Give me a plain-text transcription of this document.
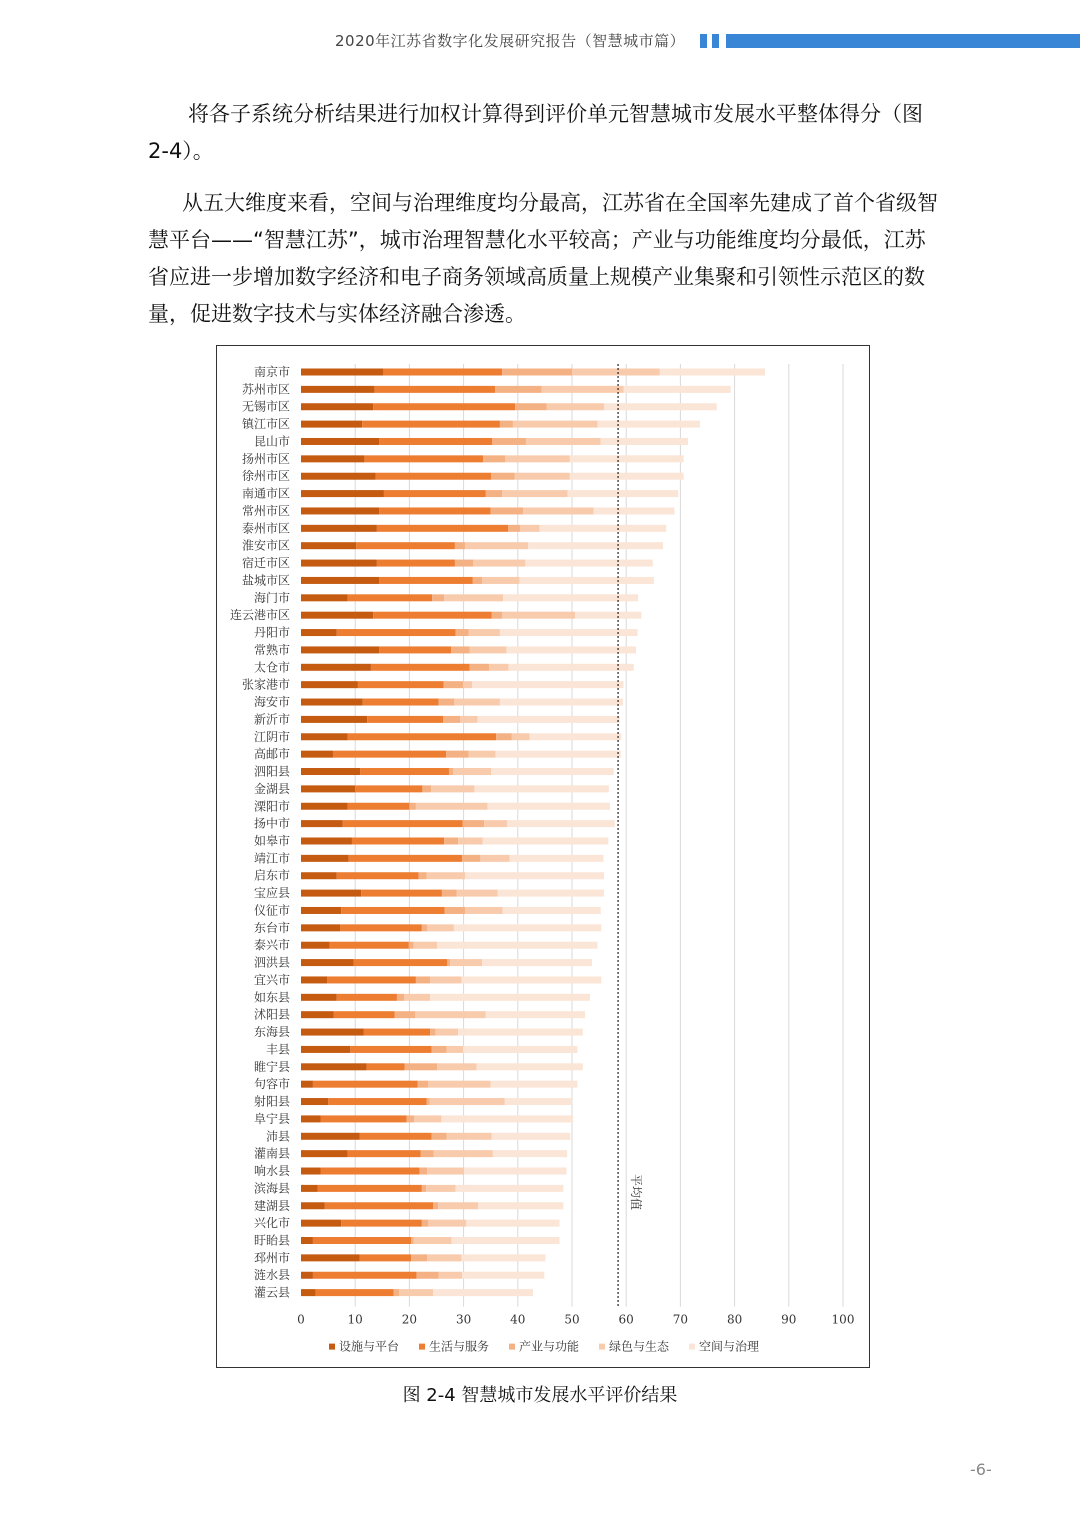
2020年江苏省数字化发展研究报告（智慧城市篇）
将各子系统分析结果进行加权计算得到评价单元智慧城市发展水平整体得分（图2-4）。
从五大维度来看，空间与治理维度均分最高，江苏省在全国率先建成了首个省级智慧平台——“智慧江苏”，城市治理智慧化水平较高；产业与功能维度均分最低，江苏省应进一步增加数字经济和电子商务领域高质量上规模产业集聚和引领性示范区的数量，促进数字技术与实体经济融合渗透。
南京市
苏州市区
无锡市区
镇江市区
昆山市
扬州市区
徐州市区
南通市区
常州市区
泰州市区
淮安市区
宿迁市区
盐城市区
海门市
连云港市区
丹阳市
常熟市
太仓市
张家港市
海安市
新沂市
江阴市
高邮市
泗阳县
金湖县
溧阳市
扬中市
如皋市
靖江市
启东市
宝应县
仪征市
东台市
泰兴市
泗洪县
宜兴市
如东县
沭阳县
东海县
丰县
睢宁县
句容市
射阳县
阜宁县
沛县
灌南县
响水县
滨海县
建湖县
兴化市
盱眙县
邳州市
涟水县
灌云县
平均值
0	10	20	30	40	50	60	70	80	90	100
设施与平台 生活与服务 产业与功能 绿色与生态 空间与治理
图 2-4 智慧城市发展水平评价结果
-6-
